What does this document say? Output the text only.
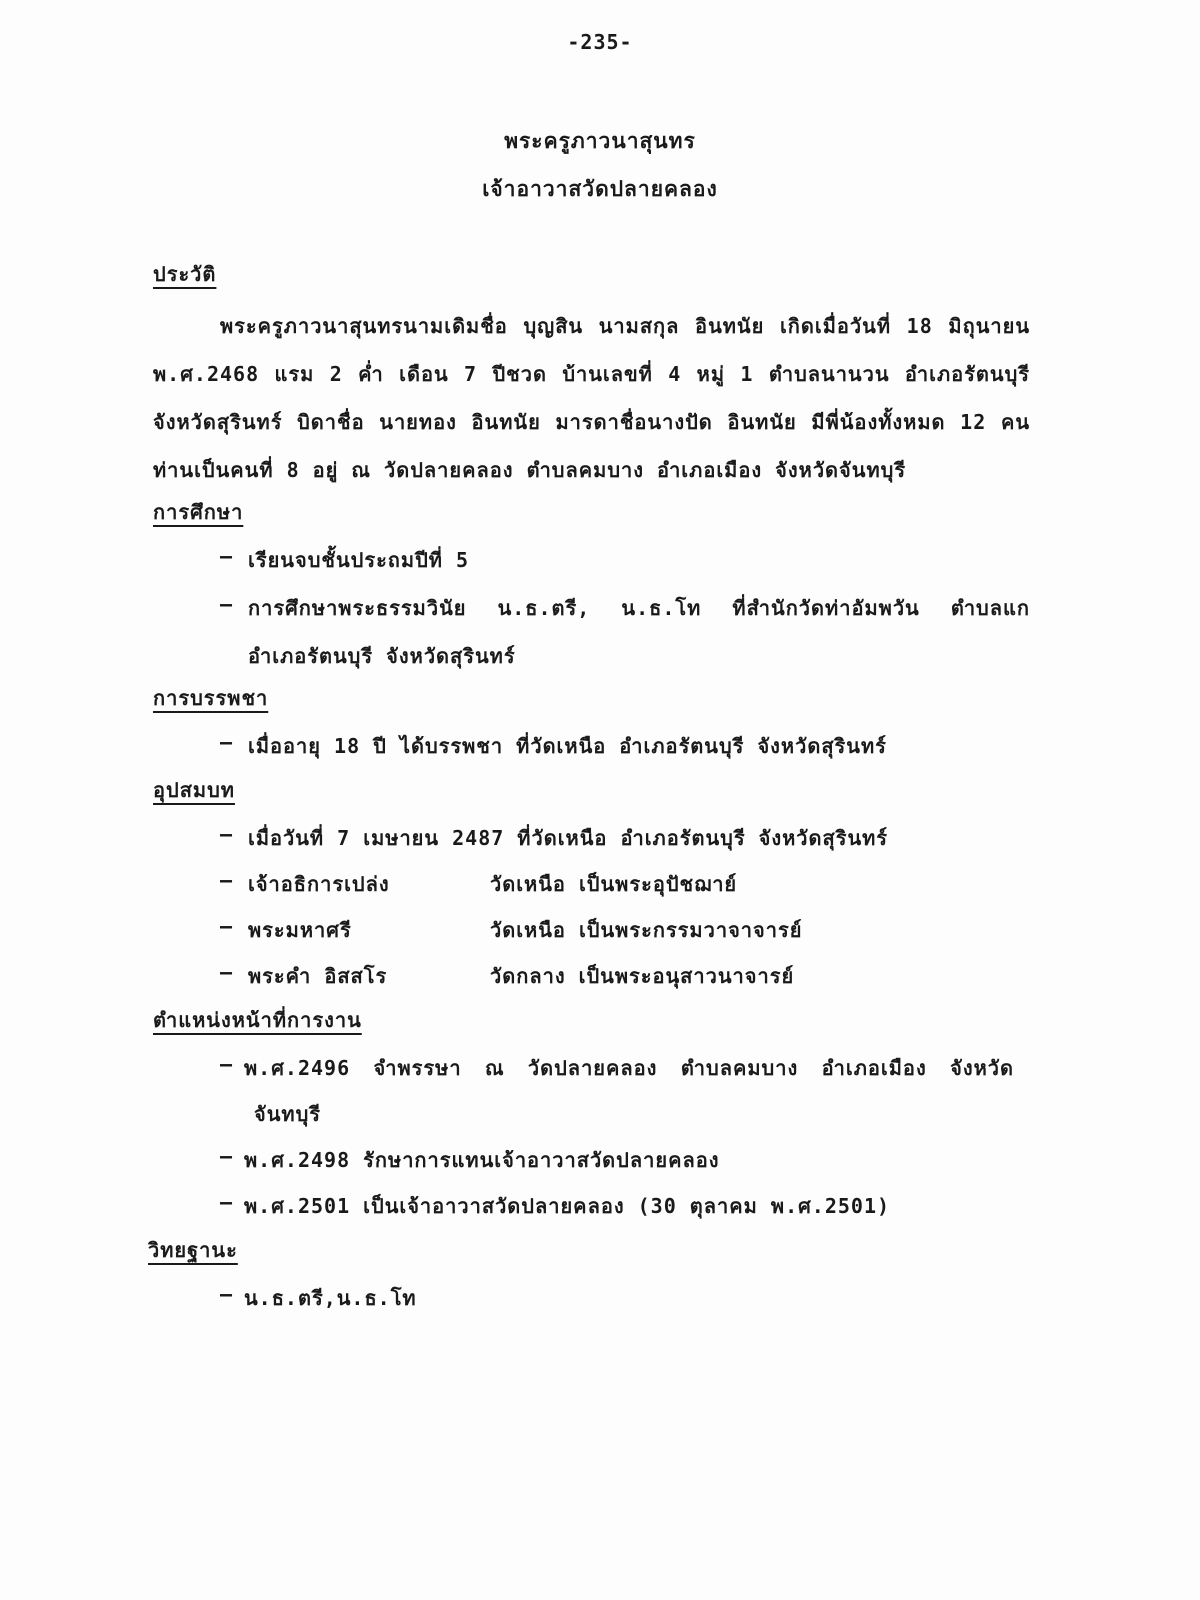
-235-
พระครูภาวนาสุนทร
เจ้าอาวาสวัดปลายคลอง
ประวัติ
พระครูภาวนาสุนทรนามเดิมชื่อ บุญสิน นามสกุล อินทนัย เกิดเมื่อวันที่ 18 มิถุนายน
พ.ศ.2468 แรม 2 ค่ำ เดือน 7 ปีชวด บ้านเลขที่ 4 หมู่ 1 ตำบลนานวน อำเภอรัตนบุรี
จังหวัดสุรินทร์ บิดาชื่อ นายทอง อินทนัย มารดาชื่อนางปัด อินทนัย มีพี่น้องทั้งหมด 12 คน
ท่านเป็นคนที่ 8 อยู่ ณ วัดปลายคลอง ตำบลคมบาง อำเภอเมือง จังหวัดจันทบุรี
การศึกษา
– เรียนจบชั้นประถมปีที่ 5
– การศึกษาพระธรรมวินัย น.ธ.ตรี, น.ธ.โท ที่สำนักวัดท่าอัมพวัน ตำบลแก
อำเภอรัตนบุรี จังหวัดสุรินทร์
การบรรพชา
– เมื่ออายุ 18 ปี ได้บรรพชา ที่วัดเหนือ อำเภอรัตนบุรี จังหวัดสุรินทร์
อุปสมบท
– เมื่อวันที่ 7 เมษายน 2487 ที่วัดเหนือ อำเภอรัตนบุรี จังหวัดสุรินทร์
– เจ้าอธิการเปล่ง	วัดเหนือ เป็นพระอุปัชฌาย์
– พระมหาศรี	วัดเหนือ เป็นพระกรรมวาจาจารย์
– พระคำ อิสสโร	วัดกลาง เป็นพระอนุสาวนาจารย์
ตำแหน่งหน้าที่การงาน
– พ.ศ.2496 จำพรรษา ณ วัดปลายคลอง ตำบลคมบาง อำเภอเมือง จังหวัด
จันทบุรี
– พ.ศ.2498 รักษาการแทนเจ้าอาวาสวัดปลายคลอง
– พ.ศ.2501 เป็นเจ้าอาวาสวัดปลายคลอง (30 ตุลาคม พ.ศ.2501)
วิทยฐานะ
– น.ธ.ตรี,น.ธ.โท
